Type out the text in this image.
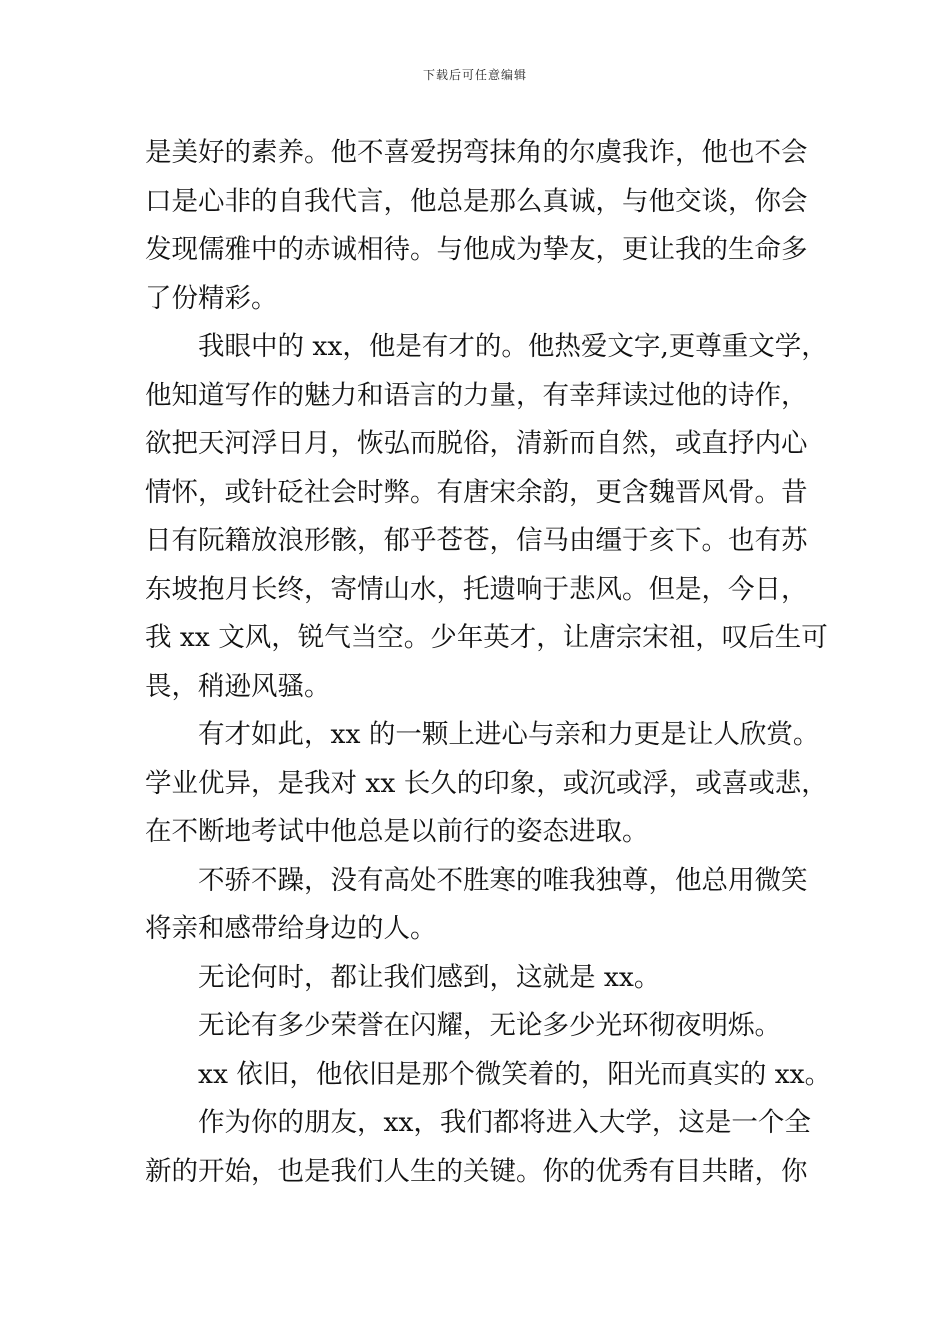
下载后可任意编辑
是美好的素养。他不喜爱拐弯抹角的尔虞我诈，他也不会
口是心非的自我代言，他总是那么真诚，与他交谈，你会
发现儒雅中的赤诚相待。与他成为挚友，更让我的生命多
了份精彩。
我眼中的 xx，他是有才的。他热爱文字,更尊重文学，
他知道写作的魅力和语言的力量，有幸拜读过他的诗作，
欲把天河浮日月，恢弘而脱俗，清新而自然，或直抒内心
情怀，或针砭社会时弊。有唐宋余韵，更含魏晋风骨。昔
日有阮籍放浪形骸，郁乎苍苍，信马由缰于亥下。也有苏
东坡抱月长终，寄情山水，托遗响于悲风。但是，今日，
我 xx 文风，锐气当空。少年英才，让唐宗宋祖，叹后生可
畏，稍逊风骚。
有才如此，xx 的一颗上进心与亲和力更是让人欣赏。
学业优异，是我对 xx 长久的印象，或沉或浮，或喜或悲，
在不断地考试中他总是以前行的姿态进取。
不骄不躁，没有高处不胜寒的唯我独尊，他总用微笑
将亲和感带给身边的人。
无论何时，都让我们感到，这就是 xx。
无论有多少荣誉在闪耀，无论多少光环彻夜明烁。
xx 依旧，他依旧是那个微笑着的，阳光而真实的 xx。
作为你的朋友，xx，我们都将进入大学，这是一个全
新的开始，也是我们人生的关键。你的优秀有目共睹，你
